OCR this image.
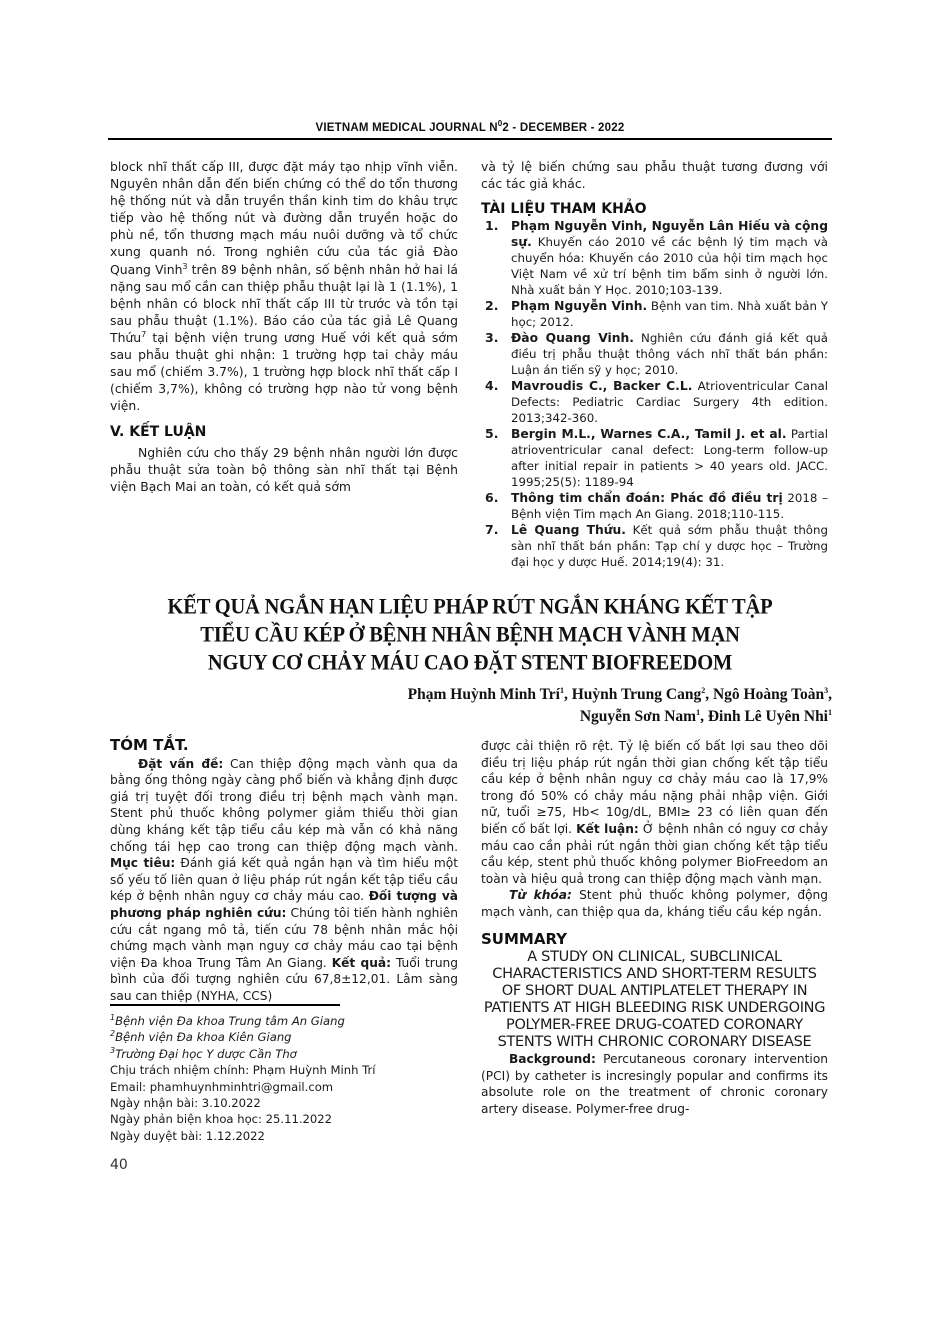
VIETNAM MEDICAL JOURNAL $N^02$ - DECEMBER - 2022

block nhĩ thất cấp III, được đặt máy tạo nhịp vĩnh viễn. Nguyên nhân dẫn đến biến chứng có thể do tổn thương hệ thống nút và dẫn truyền thần kinh tim do khâu trực tiếp vào hệ thống nút và đường dẫn truyền hoặc do phù nề, tổn thương mạch máu nuôi dưỡng và tổ chức xung quanh nó. Trong nghiên cứu của tác giả Đào Quang Vinh$^3$ trên 89 bệnh nhân, số bệnh nhân hở hai lá nặng sau mổ cần can thiệp phẫu thuật lại là 1 (1.1%), 1 bệnh nhân có block nhĩ thất cấp III từ trước và tồn tại sau phẫu thuật (1.1%). Báo cáo của tác giả Lê Quang Thứu$^7$ tại bệnh viện trung ương Huế với kết quả sớm sau phẫu thuật ghi nhận: 1 trường hợp tai chảy máu sau mổ (chiếm 3.7%), 1 trường hợp block nhĩ thất cấp I (chiếm 3,7%), không có trường hợp nào tử vong bệnh viện.

V. KẾT LUẬN

Nghiên cứu cho thấy 29 bệnh nhân người lớn được phẫu thuật sửa toàn bộ thông sàn nhĩ thất tại Bệnh viện Bạch Mai an toàn, có kết quả sớm

và tỷ lệ biến chứng sau phẫu thuật tương đương với các tác giả khác.

TÀI LIỆU THAM KHẢO
1. Phạm Nguyễn Vinh, Nguyễn Lân Hiếu và cộng sự. Khuyến cáo 2010 về các bệnh lý tim mạch và chuyển hóa: Khuyến cáo 2010 của hội tim mạch học Việt Nam về xử trí bệnh tim bẩm sinh ở người lớn. Nhà xuất bản Y Học. 2010;103-139.
2. Phạm Nguyễn Vinh. Bệnh van tim. Nhà xuất bản Y học; 2012.
3. Đào Quang Vinh. Nghiên cứu đánh giá kết quả điều trị phẫu thuật thông vách nhĩ thất bán phần: Luận án tiến sỹ y học; 2010.
4. Mavroudis C., Backer C.L. Atrioventricular Canal Defects: Pediatric Cardiac Surgery 4th edition. 2013;342-360.
5. Bergin M.L., Warnes C.A., Tamil J. et al. Partial atrioventricular canal defect: Long-term follow-up after initial repair in patients > 40 years old. JACC. 1995;25(5): 1189-94
6. Thông tim chẩn đoán: Phác đồ điều trị 2018 – Bệnh viện Tim mạch An Giang. 2018;110-115.
7. Lê Quang Thứu. Kết quả sớm phẫu thuật thông sàn nhĩ thất bán phần: Tạp chí y dược học – Trường đại học y dược Huế. 2014;19(4): 31.
KẾT QUẢ NGẮN HẠN LIỆU PHÁP RÚT NGẮN KHÁNG KẾT TẬP
TIỂU CẦU KÉP Ở BỆNH NHÂN BỆNH MẠCH VÀNH MẠN
NGUY CƠ CHẢY MÁU CAO ĐẶT STENT BIOFREEDOM
Phạm Huỳnh Minh Trí$^1$, Huỳnh Trung Cang$^2$, Ngô Hoàng Toàn$^3$,
Nguyễn Sơn Nam$^1$, Đinh Lê Uyên Nhi$^1$
TÓM TẮT.

Đặt vấn đề: Can thiệp động mạch vành qua da bằng ống thông ngày càng phổ biến và khẳng định được giá trị tuyệt đối trong điều trị bệnh mạch vành mạn. Stent phủ thuốc không polymer giảm thiểu thời gian dùng kháng kết tập tiểu cầu kép mà vẫn có khả năng chống tái hẹp cao trong can thiệp động mạch vành. Mục tiêu: Đánh giá kết quả ngắn hạn và tìm hiểu một số yếu tố liên quan ở liệu pháp rút ngắn kết tập tiểu cầu kép ở bệnh nhân nguy cơ chảy máu cao. Đối tượng và phương pháp nghiên cứu: Chúng tôi tiến hành nghiên cứu cắt ngang mô tả, tiến cứu 78 bệnh nhân mắc hội chứng mạch vành mạn nguy cơ chảy máu cao tại bệnh viện Đa khoa Trung Tâm An Giang. Kết quả: Tuổi trung bình của đối tượng nghiên cứu 67,8±12,01. Lâm sàng sau can thiệp (NYHA, CCS)

được cải thiện rõ rệt. Tỷ lệ biến cố bất lợi sau theo dõi điều trị liệu pháp rút ngắn thời gian chống kết tập tiểu cầu kép ở bệnh nhân nguy cơ chảy máu cao là 17,9% trong đó 50% có chảy máu nặng phải nhập viện. Giới nữ, tuổi ≥75, Hb< 10g/dL, BMI≥ 23 có liên quan đến biến cố bất lợi. Kết luận: Ở bệnh nhân có nguy cơ chảy máu cao cần phải rút ngắn thời gian chống kết tập tiểu cầu kép, stent phủ thuốc không polymer BioFreedom an toàn và hiệu quả trong can thiệp động mạch vành mạn.

Từ khóa: Stent phủ thuốc không polymer, động mạch vành, can thiệp qua da, kháng tiểu cầu kép ngắn.

SUMMARY
A STUDY ON CLINICAL, SUBCLINICAL CHARACTERISTICS AND SHORT-TERM RESULTS OF SHORT DUAL ANTIPLATELET THERAPY IN PATIENTS AT HIGH BLEEDING RISK UNDERGOING POLYMER-FREE DRUG-COATED CORONARY STENTS WITH CHRONIC CORONARY DISEASE

Background: Percutaneous coronary intervention (PCI) by catheter is incresingly popular and confirms its absolute role on the treatment of chronic coronary artery disease. Polymer-free drug-

$^1$Bệnh viện Đa khoa Trung tâm An Giang
$^2$Bệnh viện Đa khoa Kiên Giang
$^3$Trường Đại học Y dược Cần Thơ
Chịu trách nhiệm chính: Phạm Huỳnh Minh Trí
Email: phamhuynhminhtri@gmail.com
Ngày nhận bài: 3.10.2022
Ngày phản biện khoa học: 25.11.2022
Ngày duyệt bài: 1.12.2022
40
